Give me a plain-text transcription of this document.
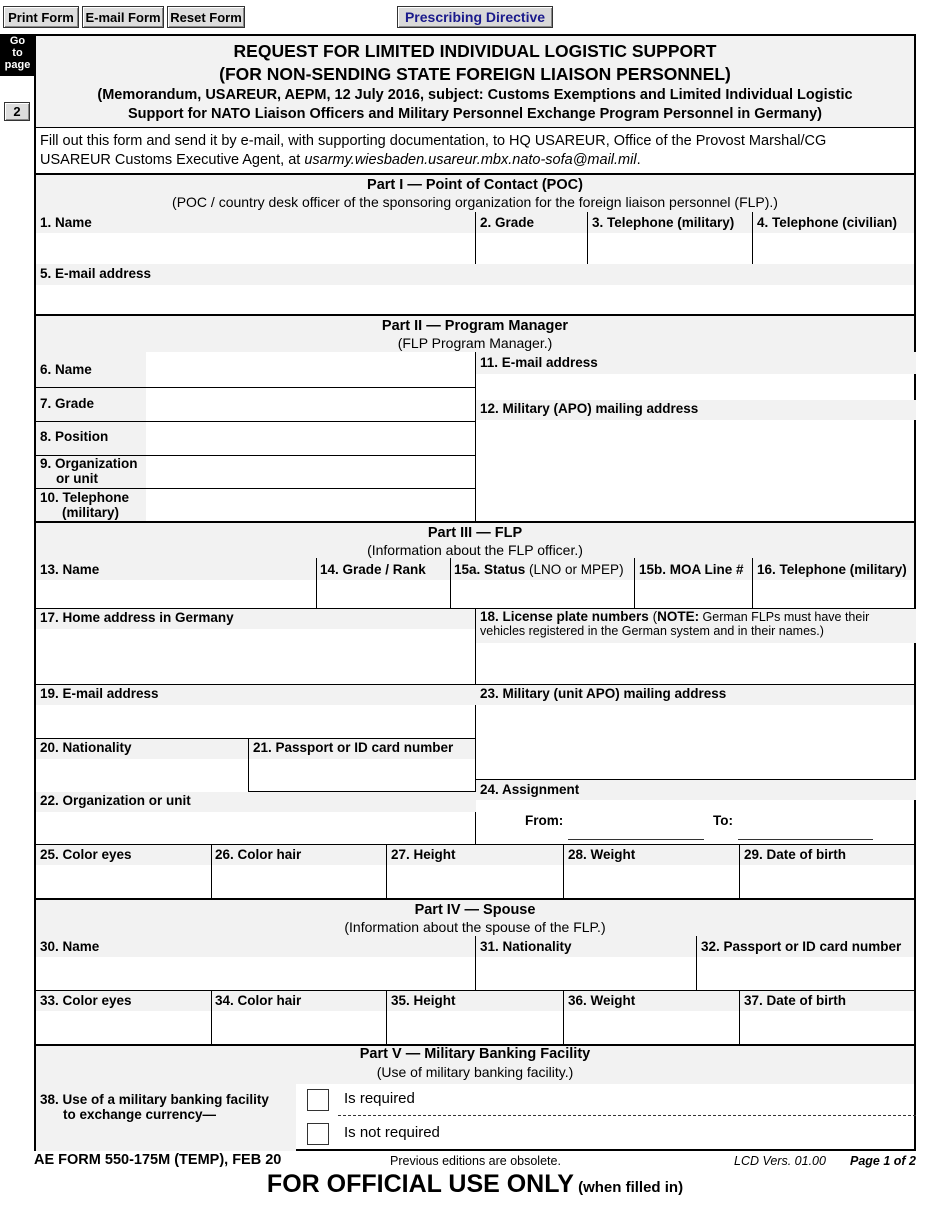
Print Form E-mail Form Reset Form	Prescribing Directive
Go
to
page
2
REQUEST FOR LIMITED INDIVIDUAL LOGISTIC SUPPORT
(FOR NON-SENDING STATE FOREIGN LIAISON PERSONNEL)
(Memorandum, USAREUR, AEPM, 12 July 2016, subject: Customs Exemptions and Limited Individual Logistic
Support for NATO Liaison Officers and Military Personnel Exchange Program Personnel in Germany)
Fill out this form and send it by e-mail, with supporting documentation, to HQ USAREUR, Office of the Provost Marshal/CG
USAREUR Customs Executive Agent, at usarmy.wiesbaden.usareur.mbx.nato-sofa@mail.mil.
Part I — Point of Contact (POC)
(POC / country desk officer of the sponsoring organization for the foreign liaison personnel (FLP).)
1. Name	2. Grade	3. Telephone (military) 4. Telephone (civilian)
5. E-mail address
Part II — Program Manager
(FLP Program Manager.)
6. Name
7. Grade
8. Position
9. Organization
or unit
10. Telephone
(military)
11. E-mail address
12. Military (APO) mailing address
Part III — FLP
(Information about the FLP officer.)
13. Name	14. Grade / Rank 15a. Status (LNO or MPEP) 15b. MOA Line # 16. Telephone (military)
17. Home address in Germany	18. License plate numbers (NOTE: German FLPs must have their
vehicles registered in the German system and in their names.)
19. E-mail address	23. Military (unit APO) mailing address
20. Nationality	21. Passport or ID card number
22. Organization or unit
24. Assignment
From:	To:
25. Color eyes	26. Color hair	27. Height	28. Weight	29. Date of birth
Part IV — Spouse
(Information about the spouse of the FLP.)
30. Name	31. Nationality	32. Passport or ID card number
33. Color eyes	34. Color hair	35. Height	36. Weight	37. Date of birth
Part V — Military Banking Facility
(Use of military banking facility.)
38. Use of a military banking facility
to exchange currency—
Is required
Is not required
AE FORM 550-175M (TEMP), FEB 20	Previous editions are obsolete.	LCD Vers. 01.00 Page 1 of 2
FOR OFFICIAL USE ONLY (when filled in)
